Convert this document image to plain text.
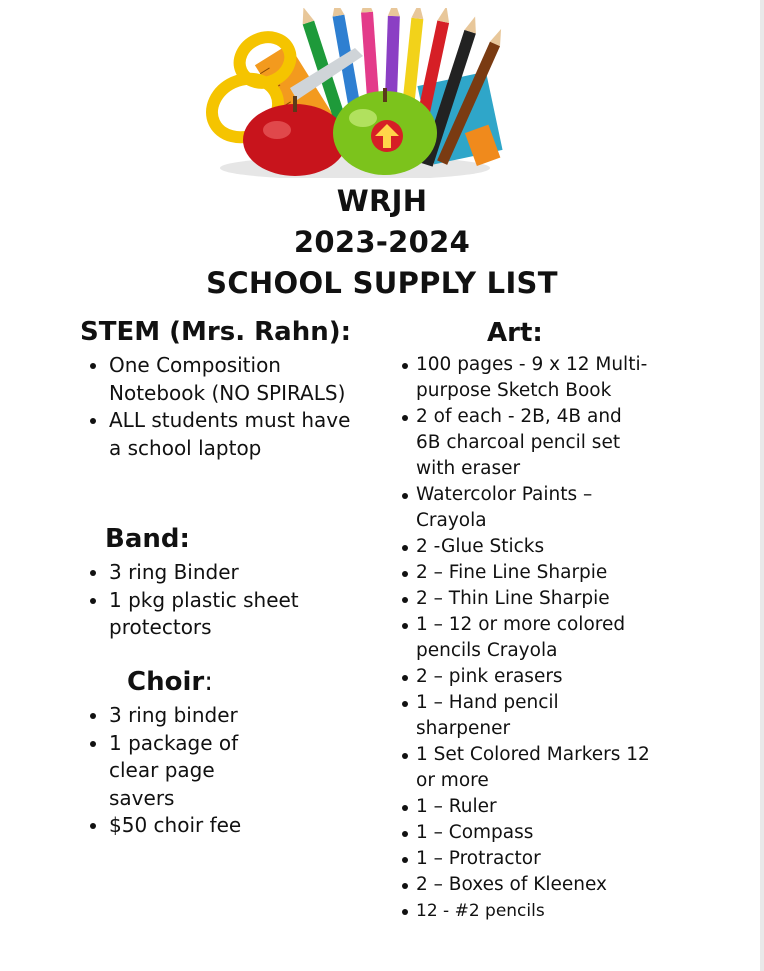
WRJH
2023-2024
SCHOOL SUPPLY LIST
STEM (Mrs. Rahn):
One Composition Notebook (NO SPIRALS)
ALL students must have a school laptop
Band:
3 ring Binder
1 pkg plastic sheet protectors
Choir:
3 ring binder
1 package of clear page savers
$50 choir fee
Art:
100 pages - 9 x 12 Multi-purpose Sketch Book
2 of each - 2B, 4B and 6B charcoal pencil set with eraser
Watercolor Paints – Crayola
2 -Glue Sticks
2 – Fine Line Sharpie
2 – Thin Line Sharpie
1 – 12 or more colored pencils Crayola
2 – pink erasers
1 – Hand pencil sharpener
1 Set Colored Markers 12 or more
1 – Ruler
1 – Compass
1 – Protractor
2 – Boxes of Kleenex
12 - #2 pencils
